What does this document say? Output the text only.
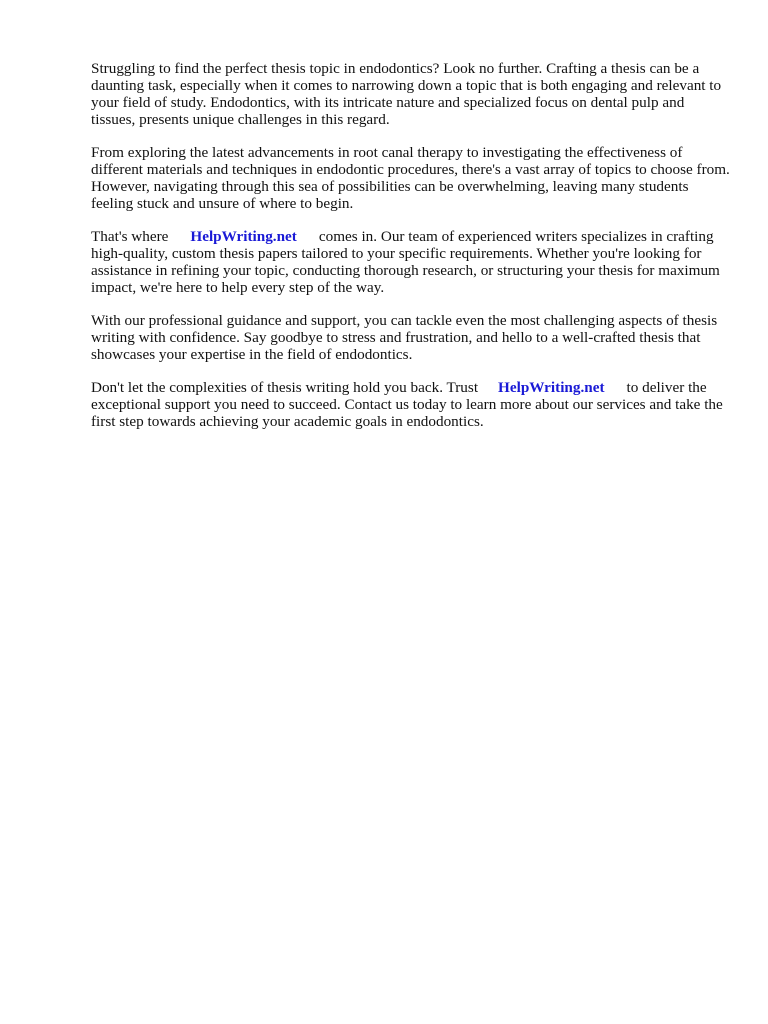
Struggling to find the perfect thesis topic in endodontics? Look no further. Crafting a thesis can be a daunting task, especially when it comes to narrowing down a topic that is both engaging and relevant to your field of study. Endodontics, with its intricate nature and specialized focus on dental pulp and tissues, presents unique challenges in this regard.

From exploring the latest advancements in root canal therapy to investigating the effectiveness of different materials and techniques in endodontic procedures, there's a vast array of topics to choose from. However, navigating through this sea of possibilities can be overwhelming, leaving many students feeling stuck and unsure of where to begin.

That's where HelpWriting.net comes in. Our team of experienced writers specializes in crafting high-quality, custom thesis papers tailored to your specific requirements. Whether you're looking for assistance in refining your topic, conducting thorough research, or structuring your thesis for maximum impact, we're here to help every step of the way.

With our professional guidance and support, you can tackle even the most challenging aspects of thesis writing with confidence. Say goodbye to stress and frustration, and hello to a well-crafted thesis that showcases your expertise in the field of endodontics.

Don't let the complexities of thesis writing hold you back. Trust HelpWriting.net to deliver the exceptional support you need to succeed. Contact us today to learn more about our services and take the first step towards achieving your academic goals in endodontics.
